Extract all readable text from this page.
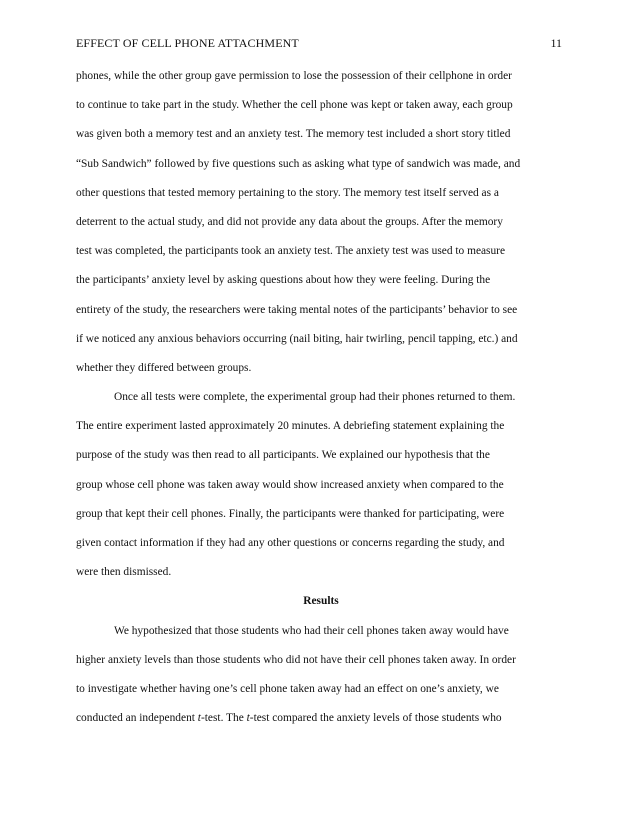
EFFECT OF CELL PHONE ATTACHMENT	11
phones, while the other group gave permission to lose the possession of their cellphone in order
to continue to take part in the study. Whether the cell phone was kept or taken away, each group
was given both a memory test and an anxiety test. The memory test included a short story titled
“Sub Sandwich” followed by five questions such as asking what type of sandwich was made, and
other questions that tested memory pertaining to the story. The memory test itself served as a
deterrent to the actual study, and did not provide any data about the groups. After the memory
test was completed, the participants took an anxiety test. The anxiety test was used to measure
the participants’ anxiety level by asking questions about how they were feeling. During the
entirety of the study, the researchers were taking mental notes of the participants’ behavior to see
if we noticed any anxious behaviors occurring (nail biting, hair twirling, pencil tapping, etc.) and
whether they differed between groups.
Once all tests were complete, the experimental group had their phones returned to them.
The entire experiment lasted approximately 20 minutes. A debriefing statement explaining the
purpose of the study was then read to all participants. We explained our hypothesis that the
group whose cell phone was taken away would show increased anxiety when compared to the
group that kept their cell phones. Finally, the participants were thanked for participating, were
given contact information if they had any other questions or concerns regarding the study, and
were then dismissed.
Results
We hypothesized that those students who had their cell phones taken away would have
higher anxiety levels than those students who did not have their cell phones taken away. In order
to investigate whether having one’s cell phone taken away had an effect on one’s anxiety, we
conducted an independent t-test. The t-test compared the anxiety levels of those students who
